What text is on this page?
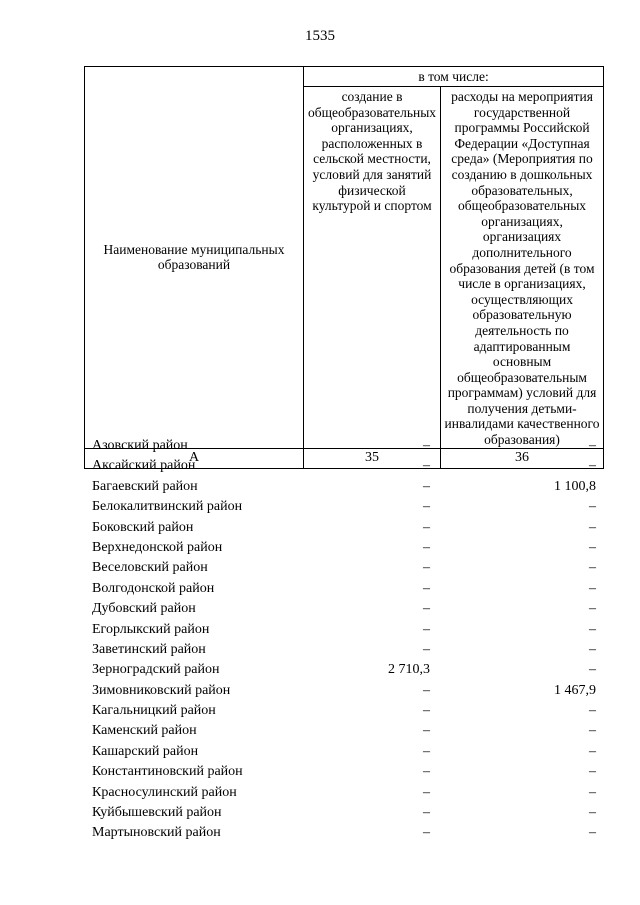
1535
Наименование муниципальных образований	в том числе:	
	создание в общеобразовательных организациях, расположенных в сельской местности, условий для занятий физической культурой и спортом	расходы на мероприятия государственной программы Российской Федерации «Доступная среда» (Мероприятия по созданию в дошкольных образовательных, общеобразовательных организациях, организациях дополнительного образования детей (в том числе в организациях, осуществляющих образовательную деятельность по адаптированным основным общеобразовательным программам) условий для получения детьми-инвалидами качественного образования)
А	35	36
Азовский район	–	–
Аксайский район	–	–
Багаевский район	–	1 100,8
Белокалитвинский район	–	–
Боковский район	–	–
Верхнедонской район	–	–
Веселовский район	–	–
Волгодонской район	–	–
Дубовский район	–	–
Егорлыкский район	–	–
Заветинский район	–	–
Зерноградский район	2 710,3	–
Зимовниковский район	–	1 467,9
Кагальницкий район	–	–
Каменский район	–	–
Кашарский район	–	–
Константиновский район	–	–
Красносулинский район	–	–
Куйбышевский район	–	–
Мартыновский район	–	–
